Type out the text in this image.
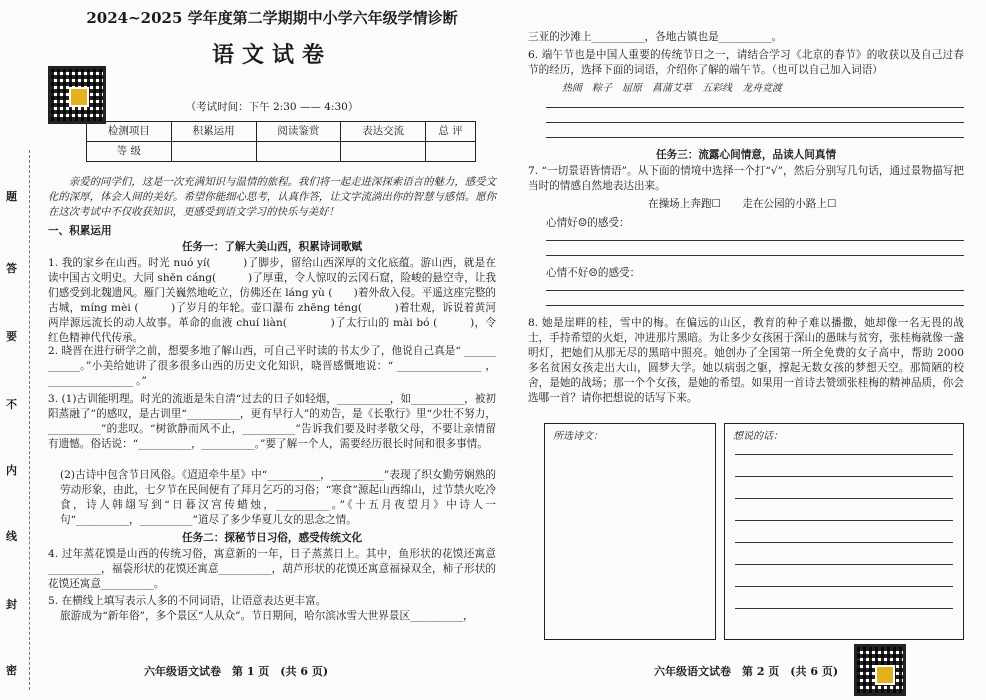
题
答
要
不
内
线
封
密
2024~2025 学年度第二学期期中小学六年级学情诊断
语文试卷
（考试时间：下午 2:30 —— 4:30）
检测项目	积累运用	阅读鉴赏	表达交流	总 评
等 级				
亲爱的同学们，这是一次充满知识与温情的旅程。我们将一起走进深探索语言的魅力，感受文化的深厚，体会人间的美好。希望你能细心思考，认真作答，让文字流淌出你的智慧与感悟。愿你在这次考试中不仅收获知识，更感受到语文学习的快乐与美好！
一、积累运用
任务一：了解大美山西，积累诗词歌赋
1. 我的家乡在山西。时光 nuó yí(　　　)了脚步，留给山西深厚的文化底蕴。游山西，就是在读中国古文明史。大同 shēn cáng(　　　)了厚重，令人惊叹的云冈石窟，险峻的悬空寺，让我们感受到北魏遗风。雁门关巍然地屹立，仿佛还在 láng yù (　　)着外敌入侵。平遥这座完整的古城，míng mèi (　　　)了岁月的年轮。壶口瀑布 zhēng téng(　　　)着壮观，诉说着黄河两岸源远流长的动人故事。革命的血液 chuí liàn(　　　　)了太行山的 mài bó (　　　)，令红色精神代代传承。
2. 晓晋在进行研学之前，想要多地了解山西，可自己平时读的书太少了，他说自己真是“ ______ ______。”小美给她讲了很多很多山西的历史文化知识，晓晋感慨地说：“ ________________ ， ________________ 。”
3. (1)古训能明理。时光的流逝是朱自清“过去的日子如轻烟，__________，如__________，被初阳蒸融了”的感叹，是古训里“__________，更有早行人”的劝告，是《长歌行》里“少壮不努力，__________”的悲叹。“树欲静而风不止，__________”告诉我们要及时孝敬父母，不要让亲情留有遗憾。俗话说：“__________，__________。”要了解一个人，需要经历很长时间和很多事情。
(2)古诗中包含节日风俗。《迢迢牵牛星》中“__________，__________”表现了织女勤劳娴熟的劳动形象，由此，七夕节在民间便有了拜月乞巧的习俗；“寒食”源起山西绵山，过节禁火吃冷食，诗人韩翃写到“日暮汉宫传蜡烛，__________。”《十五月夜望月》中诗人一句“__________，__________”道尽了多少华夏儿女的思念之情。
任务二：探秘节日习俗，感受传统文化
4. 过年蒸花馍是山西的传统习俗，寓意新的一年，日子蒸蒸日上。其中，鱼形状的花馍还寓意__________，福袋形状的花馍还寓意__________，葫芦形状的花馍还寓意福禄双全，柿子形状的花馍还寓意__________。
5. 在横线上填写表示人多的不同词语，让语意表达更丰富。
旅游成为“新年俗”，多个景区“人从众”。节日期间，哈尔滨冰雪大世界景区__________，
六年级语文试卷　第 1 页　(共 6 页)
三亚的沙滩上__________，各地古镇也是__________。
6. 端午节也是中国人重要的传统节日之一，请结合学习《北京的春节》的收获以及自己过春节的经历，选择下面的词语，介绍你了解的端午节。（也可以自己加入词语）
热闹　粽子　屈原　菖蒲艾草　五彩线　龙舟竞渡
任务三：流露心间情意，品读人间真情
7. “一切景语皆情语”。从下面的情境中选择一个打“√”，然后分别写几句话，通过景物描写把当时的情感自然地表达出来。
在操场上奔跑☐　　走在公园的小路上☐
心情好☺的感受：
心情不好☹的感受：
8. 她是崖畔的桂，雪中的梅。在偏远的山区，教育的种子难以播撒，她却像一名无畏的战士，手持希望的火炬，冲进那片黑暗。为让多少女孩困于深山的愚昧与贫穷，张桂梅就像一盏明灯，把她们从那无尽的黑暗中照亮。她创办了全国第一所全免费的女子高中，帮助 2000 多名贫困女孩走出大山，圆梦大学。她以病弱之躯，撑起无数女孩的梦想天空。那简陋的校舍，是她的战场；那一个个女孩，是她的希望。如果用一首诗去赞颂张桂梅的精神品质，你会选哪一首？请你把想说的话写下来。
所选诗文：	想说的话：
六年级语文试卷　第 2 页　(共 6 页)
